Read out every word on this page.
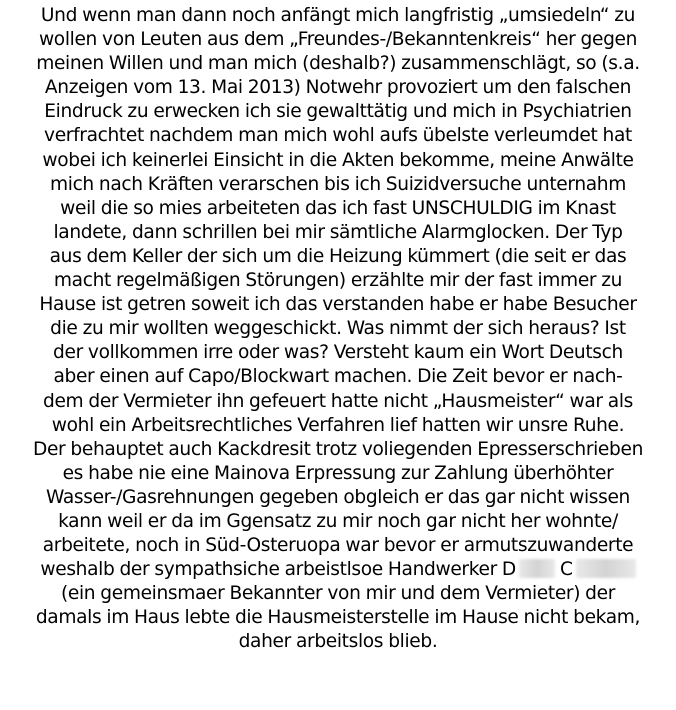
Und wenn man dann noch anfängt mich langfristig „umsiedeln“ zu
wollen von Leuten aus dem „Freundes-/Bekanntenkreis“ her gegen
meinen Willen und man mich (deshalb?) zusammenschlägt, so (s.a.
Anzeigen vom 13. Mai 2013) Notwehr provoziert um den falschen
Eindruck zu erwecken ich sie gewalttätig und mich in Psychiatrien
verfrachtet nachdem man mich wohl aufs übelste verleumdet hat
wobei ich keinerlei Einsicht in die Akten bekomme, meine Anwälte
mich nach Kräften verarschen bis ich Suizidversuche unternahm
weil die so mies arbeiteten das ich fast UNSCHULDIG im Knast
landete, dann schrillen bei mir sämtliche Alarmglocken. Der Typ
aus dem Keller der sich um die Heizung kümmert (die seit er das
macht regelmäßigen Störungen) erzählte mir der fast immer zu
Hause ist getren soweit ich das verstanden habe er habe Besucher
die zu mir wollten weggeschickt. Was nimmt der sich heraus? Ist
der vollkommen irre oder was? Versteht kaum ein Wort Deutsch
aber einen auf Capo/Blockwart machen. Die Zeit bevor er nach-
dem der Vermieter ihn gefeuert hatte nicht „Hausmeister“ war als
wohl ein Arbeitsrechtliches Verfahren lief hatten wir unsre Ruhe.
Der behauptet auch Kackdresit trotz voliegenden Epresserschrieben
es habe nie eine Mainova Erpressung zur Zahlung überhöhter
Wasser-/Gasrehnungen gegeben obgleich er das gar nicht wissen
kann weil er da im Ggensatz zu mir noch gar nicht her wohnte/
arbeitete, noch in Süd-Osteruopa war bevor er armutszuwanderte
weshalb der sympathsiche arbeistlsoe Handwerker D C
(ein gemeinsmaer Bekannter von mir und dem Vermieter) der
damals im Haus lebte die Hausmeisterstelle im Hause nicht bekam,
daher arbeitslos blieb.
